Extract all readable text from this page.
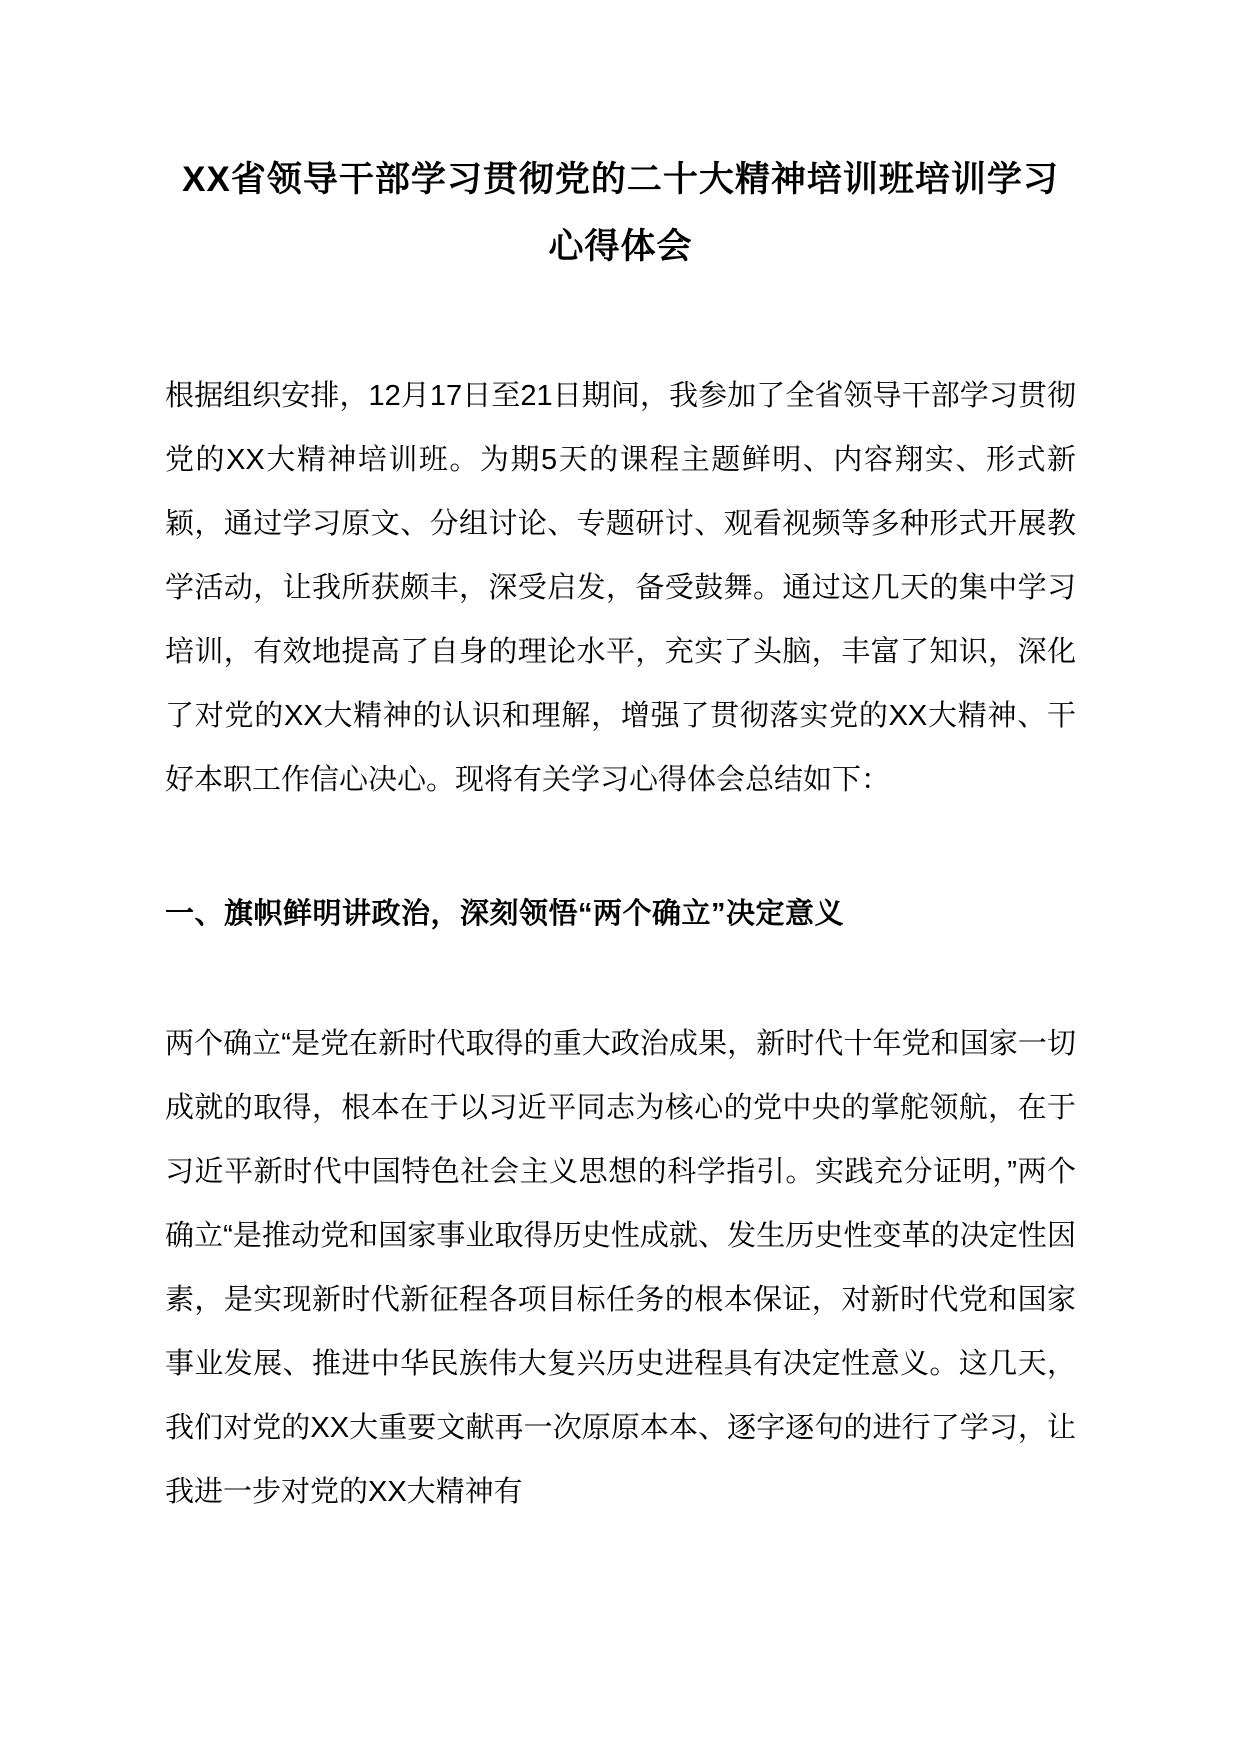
XX省领导干部学习贯彻党的二十大精神培训班培训学习心得体会

根据组织安排，12月17日至21日期间，我参加了全省领导干部学习贯彻党的XX大精神培训班。为期5天的课程主题鲜明、内容翔实、形式新颖，通过学习原文、分组讨论、专题研讨、观看视频等多种形式开展教学活动，让我所获颇丰，深受启发，备受鼓舞。通过这几天的集中学习培训，有效地提高了自身的理论水平，充实了头脑，丰富了知识，深化了对党的XX大精神的认识和理解，增强了贯彻落实党的XX大精神、干好本职工作信心决心。现将有关学习心得体会总结如下：

一、旗帜鲜明讲政治，深刻领悟“两个确立”决定意义

两个确立“是党在新时代取得的重大政治成果，新时代十年党和国家一切成就的取得，根本在于以习近平同志为核心的党中央的掌舵领航，在于习近平新时代中国特色社会主义思想的科学指引。实践充分证明，”两个确立“是推动党和国家事业取得历史性成就、发生历史性变革的决定性因素，是实现新时代新征程各项目标任务的根本保证，对新时代党和国家事业发展、推进中华民族伟大复兴历史进程具有决定性意义。这几天，我们对党的XX大重要文献再一次原原本本、逐字逐句的进行了学习，让我进一步对党的XX大精神有
